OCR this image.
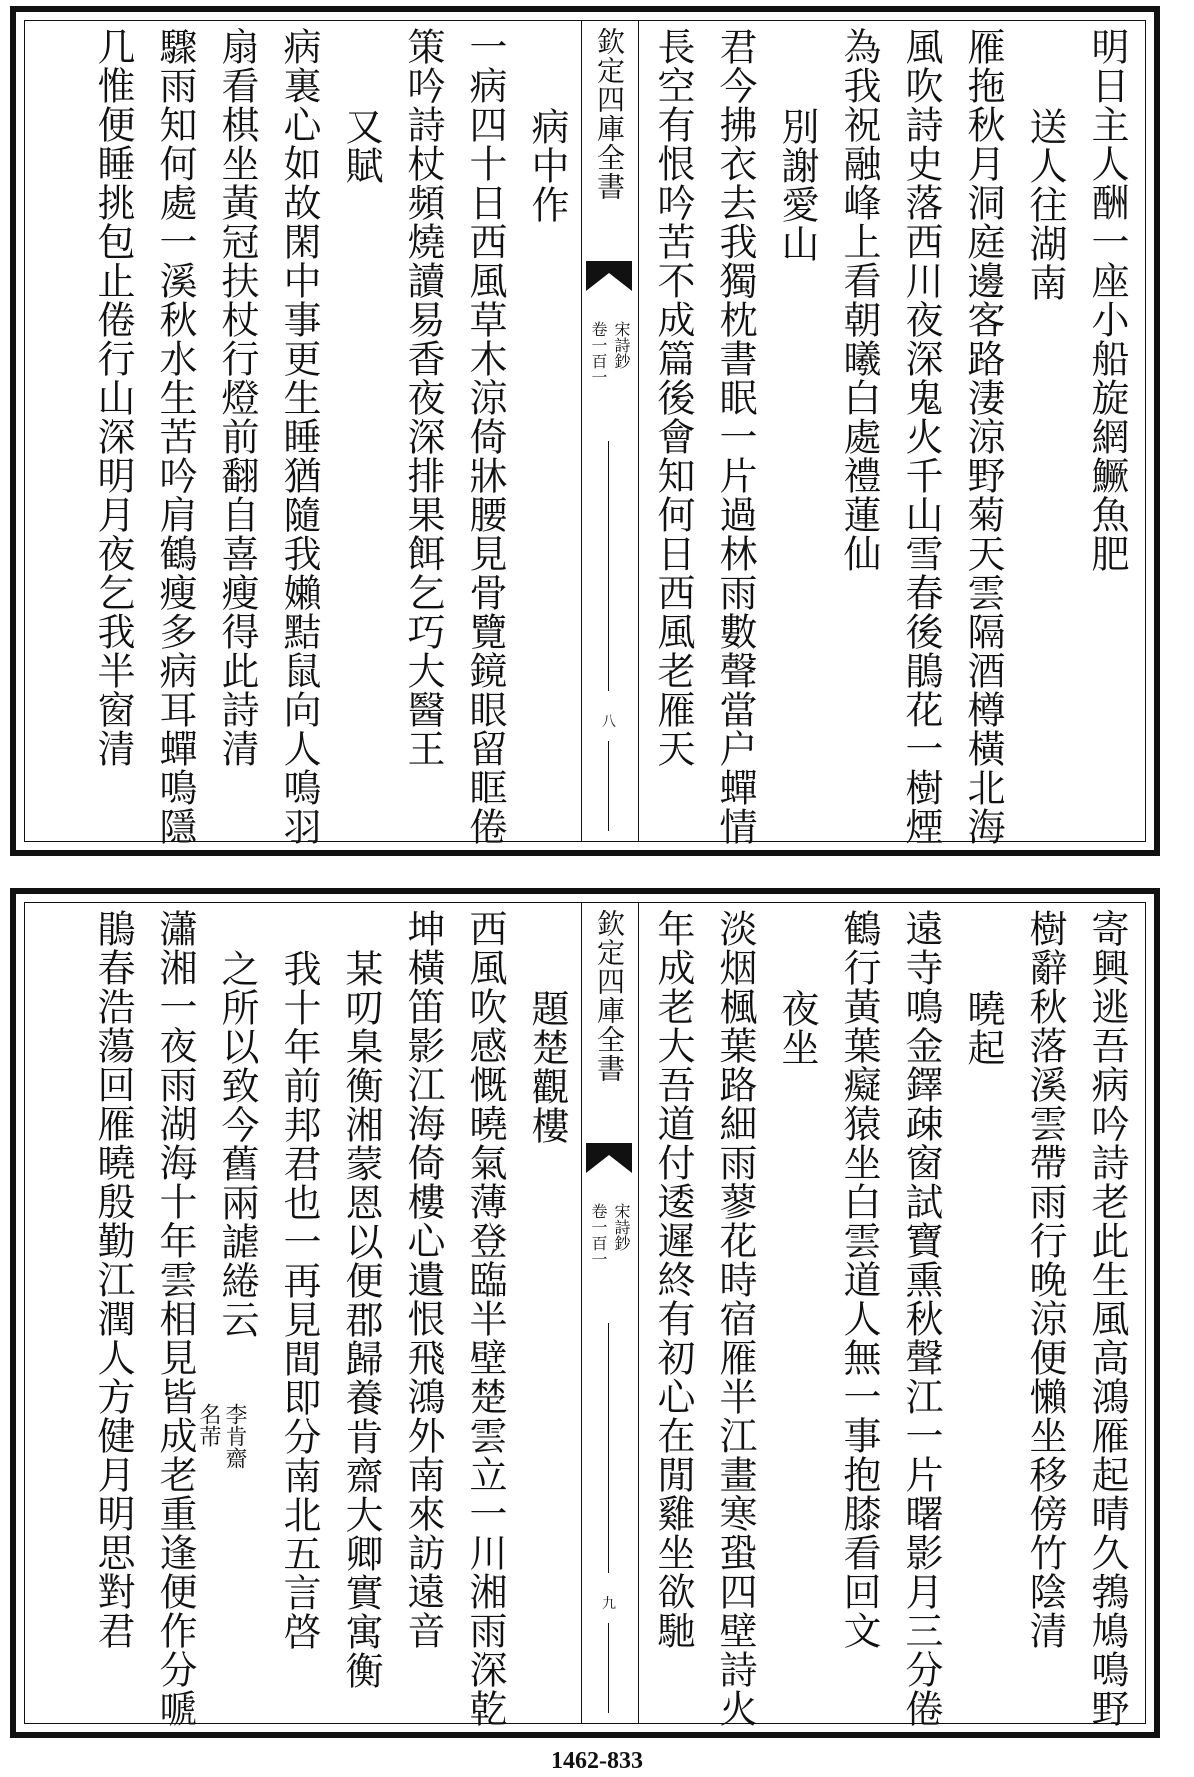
明日主人酬一座小船旋網鱖魚肥
送人往湖南
雁拖秋月洞庭邊客路淒涼野菊天雲隔酒樽橫北海
風吹詩史落西川夜深鬼火千山雪春後鵑花一樹煙
為我祝融峰上看朝曦白處禮蓮仙
別謝愛山
君今拂衣去我獨枕書眠一片過林雨數聲當户蟬情
長空有恨吟苦不成篇後會知何日西風老雁天
欽定四庫全書
宋詩鈔
卷一百一
八
病中作
一病四十日西風草木涼倚牀腰見骨覽鏡眼留眶倦
策吟詩杖頻燒讀易香夜深排果餌乞巧大醫王
又賦
病裏心如故閑中事更生睡猶隨我嬾黠鼠向人鳴羽
扇看棋坐黃冠扶杖行燈前翻自喜瘦得此詩清
驟雨知何處一溪秋水生苦吟肩鶴瘦多病耳蟬鳴隱
几惟便睡挑包止倦行山深明月夜乞我半窗清
寄興逃吾病吟詩老此生風高鴻雁起晴久鵓鳩鳴野
樹辭秋落溪雲帶雨行晚涼便懶坐移傍竹陰清
曉起
遠寺鳴金鐸疎窗試寶熏秋聲江一片曙影月三分倦
鶴行黃葉癡猿坐白雲道人無一事抱膝看回文
夜坐
淡烟楓葉路細雨蓼花時宿雁半江畫寒蛩四壁詩火
年成老大吾道付逶遲終有初心在閒雞坐欲馳
欽定四庫全書
宋詩鈔
卷一百一
九
題楚觀樓
西風吹感慨曉氣薄登臨半壁楚雲立一川湘雨深乾
坤橫笛影江海倚樓心遺恨飛鴻外南來訪遠音
某叨臬衡湘蒙恩以便郡歸養肯齋大卿實寓衡
我十年前邦君也一再見間即分南北五言啓
之所以致今舊兩謔綣云
李肯齋
名芾
瀟湘一夜雨湖海十年雲相見皆成老重逢便作分嗁
鵑春浩蕩回雁曉殷勤江潤人方健月明思對君
1462-833
